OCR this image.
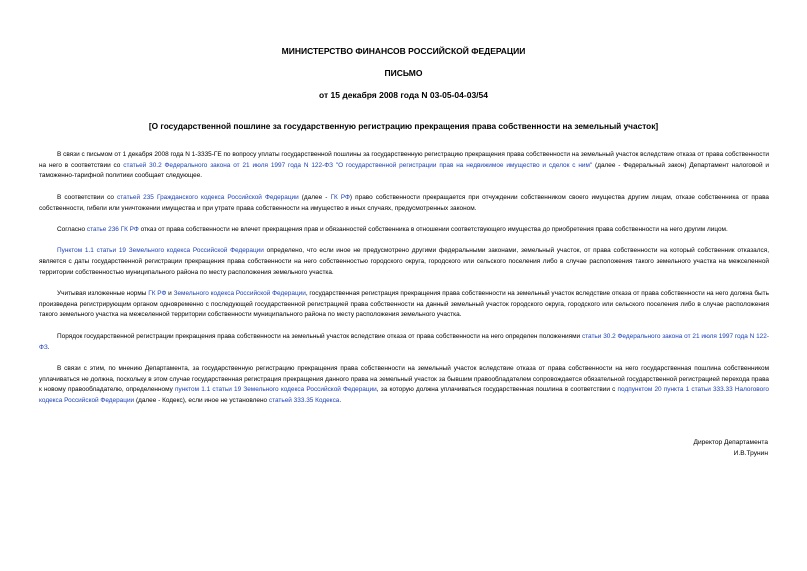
МИНИСТЕРСТВО ФИНАНСОВ РОССИЙСКОЙ ФЕДЕРАЦИИ
ПИСЬМО
от 15 декабря 2008 года N 03-05-04-03/54
[О государственной пошлине за государственную регистрацию прекращения права собственности на земельный участок]

В связи с письмом от 1 декабря 2008 года N 1-3335-ГЕ по вопросу уплаты государственной пошлины за государственную регистрацию прекращения права собственности на земельный участок вследствие отказа от права собственности на него в соответствии со статьей 30.2 Федерального закона от 21 июля 1997 года N 122-ФЗ "О государственной регистрации прав на недвижимое имущество и сделок с ним" (далее - Федеральный закон) Департамент налоговой и таможенно-тарифной политики сообщает следующее.

В соответствии со статьей 235 Гражданского кодекса Российской Федерации (далее - ГК РФ) право собственности прекращается при отчуждении собственником своего имущества другим лицам, отказе собственника от права собственности, гибели или уничтожении имущества и при утрате права собственности на имущество в иных случаях, предусмотренных законом.

Согласно статье 236 ГК РФ отказ от права собственности не влечет прекращения прав и обязанностей собственника в отношении соответствующего имущества до приобретения права собственности на него другим лицом.

Пунктом 1.1 статьи 19 Земельного кодекса Российской Федерации определено, что если иное не предусмотрено другими федеральными законами, земельный участок, от права собственности на который собственник отказался, является с даты государственной регистрации прекращения права собственности на него собственностью городского округа, городского или сельского поселения либо в случае расположения такого земельного участка на межселенной территории собственностью муниципального района по месту расположения земельного участка.

Учитывая изложенные нормы ГК РФ и Земельного кодекса Российской Федерации, государственная регистрация прекращения права собственности на земельный участок вследствие отказа от права собственности на него должна быть произведена регистрирующим органом одновременно с последующей государственной регистрацией права собственности на данный земельный участок городского округа, городского или сельского поселения либо в случае расположения такого земельного участка на межселенной территории собственности муниципального района по месту расположения земельного участка.

Порядок государственной регистрации прекращения права собственности на земельный участок вследствие отказа от права собственности на него определен положениями статьи 30.2 Федерального закона от 21 июля 1997 года N 122-ФЗ.

В связи с этим, по мнению Департамента, за государственную регистрацию прекращения права собственности на земельный участок вследствие отказа от права собственности на него государственная пошлина собственником уплачиваться не должна, поскольку в этом случае государственная регистрация прекращения данного права на земельный участок за бывшим правообладателем сопровождается обязательной государственной регистрацией перехода права к новому правообладателю, определенному пунктом 1.1 статьи 19 Земельного кодекса Российской Федерации, за которую должна уплачиваться государственная пошлина в соответствии с подпунктом 20 пункта 1 статьи 333.33 Налогового кодекса Российской Федерации (далее - Кодекс), если иное не установлено статьей 333.35 Кодекса.

Директор Департамента
И.В.Трунин
